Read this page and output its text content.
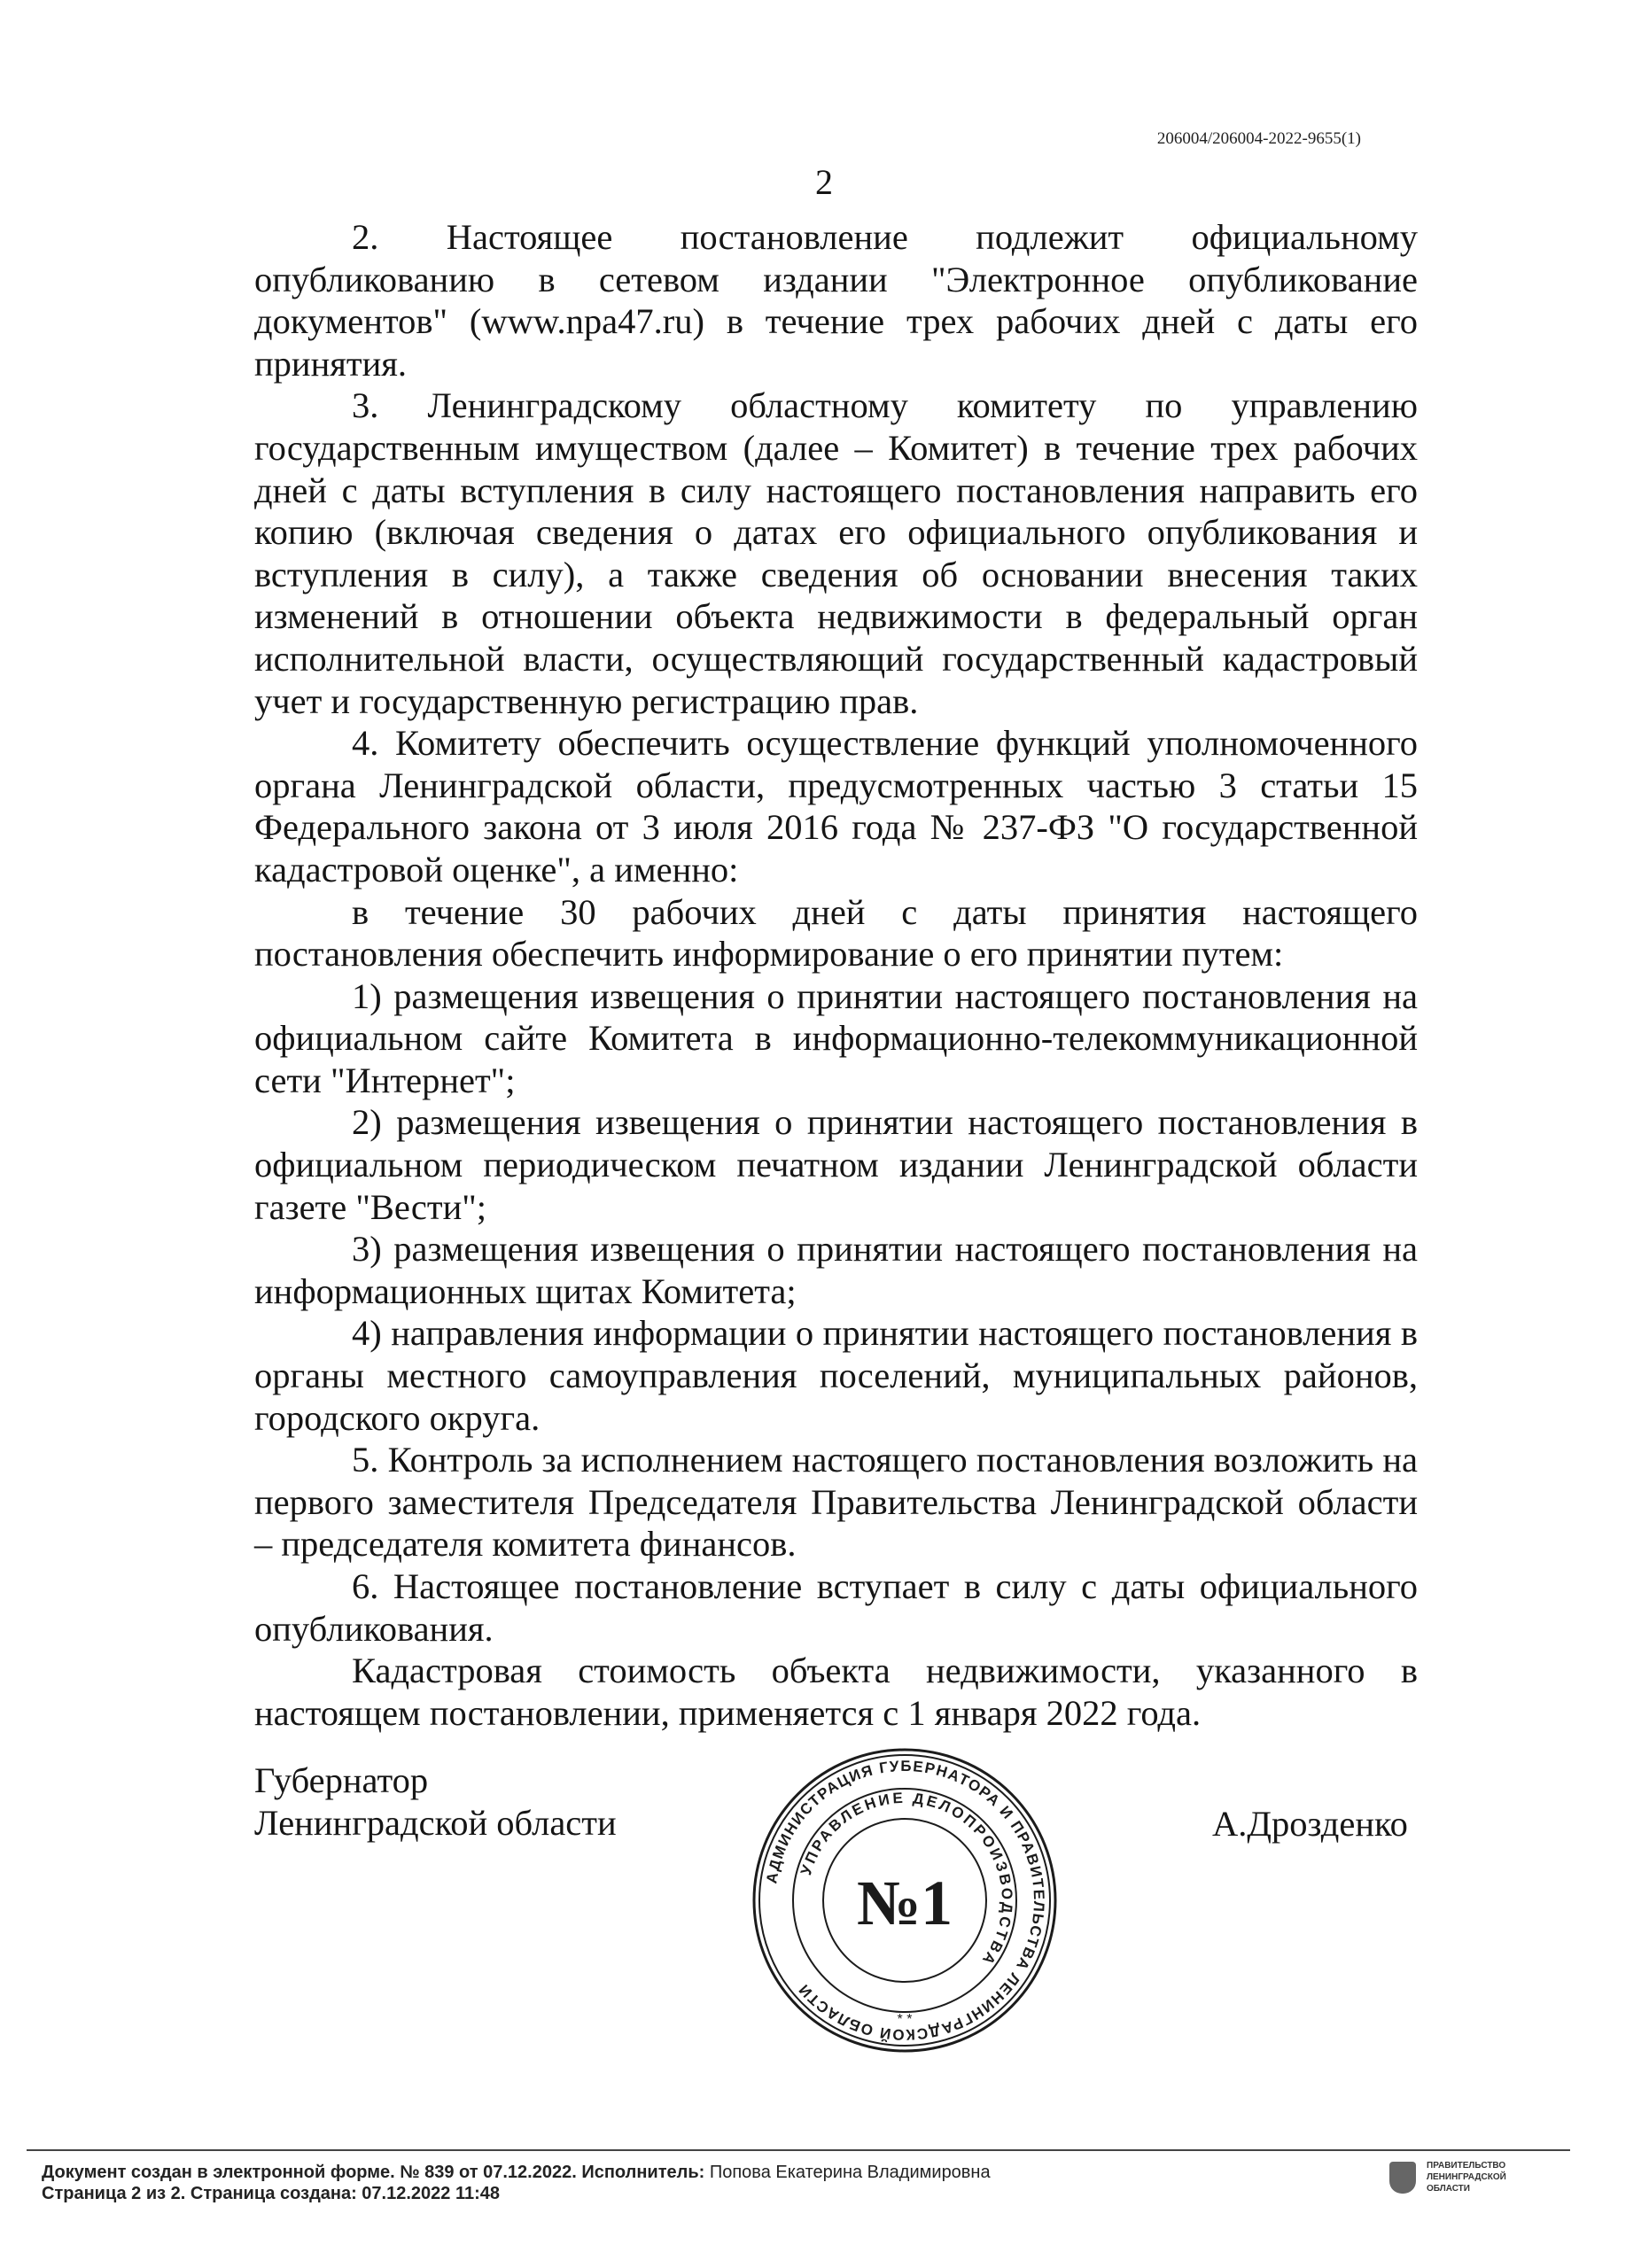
206004/206004-2022-9655(1)
2

2. Настоящее постановление подлежит официальному опубликованию в сетевом издании "Электронное опубликование документов" (www.npa47.ru) в течение трех рабочих дней с даты его принятия.

3. Ленинградскому областному комитету по управлению государственным имуществом (далее – Комитет) в течение трех рабочих дней с даты вступления в силу настоящего постановления направить его копию (включая сведения о датах его официального опубликования и вступления в силу), а также сведения об основании внесения таких изменений в отношении объекта недвижимости в федеральный орган исполнительной власти, осуществляющий государственный кадастровый учет и государственную регистрацию прав.

4. Комитету обеспечить осуществление функций уполномоченного органа Ленинградской области, предусмотренных частью 3 статьи 15 Федерального закона от 3 июля 2016 года № 237-ФЗ "О государственной кадастровой оценке", а именно:

в течение 30 рабочих дней с даты принятия настоящего постановления обеспечить информирование о его принятии путем:

1) размещения извещения о принятии настоящего постановления на официальном сайте Комитета в информационно-телекоммуникационной сети "Интернет";

2) размещения извещения о принятии настоящего постановления в официальном периодическом печатном издании Ленинградской области газете "Вести";

3) размещения извещения о принятии настоящего постановления на информационных щитах Комитета;

4) направления информации о принятии настоящего постановления в органы местного самоуправления поселений, муниципальных районов, городского округа.

5. Контроль за исполнением настоящего постановления возложить на первого заместителя Председателя Правительства Ленинградской области – председателя комитета финансов.

6. Настоящее постановление вступает в силу с даты официального опубликования.

Кадастровая стоимость объекта недвижимости, указанного в настоящем постановлении, применяется с 1 января 2022 года.

Губернатор
Ленинградской области	А.Дрозденко
АДМИНИСТРАЦИЯ ГУБЕРНАТОРА И ПРАВИТЕЛЬСТВА ЛЕНИНГРАДСКОЙ ОБЛАСТИ
УПРАВЛЕНИЕ ДЕЛОПРОИЗВОДСТВА
№1
* *
Документ создан в электронной форме. № 839 от 07.12.2022. Исполнитель: Попова Екатерина Владимировна
Страница 2 из 2. Страница создана: 07.12.2022 11:48
ПРАВИТЕЛЬСТВО ЛЕНИНГРАДСКОЙ ОБЛАСТИ
